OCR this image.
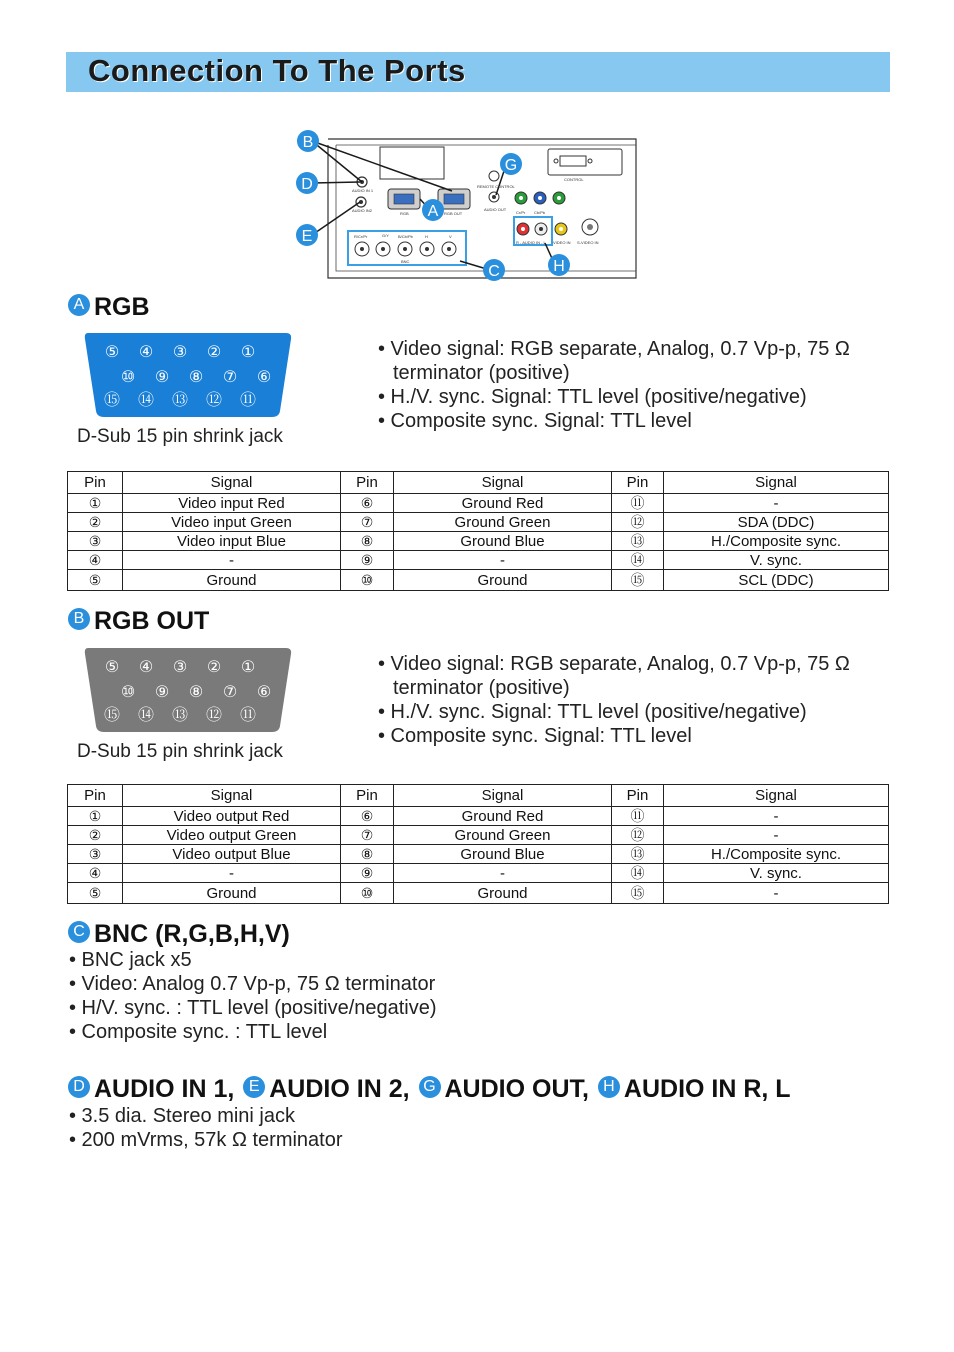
Connection To The Ports
AUDIO IN 1
AUDIO IN2
RGB	RGB OUT
REMOTE CONTROL
AUDIO OUT
CONTROL
Cb/Pb
Cr/Pr
R - AUDIO IN - L VIDEO IN S-VIDEO IN
R/Cr/Pr	G/Y B/Cb/Pb	H	V
BNC
B
D
E
G
A
C	H
A RGB
⑤ ④ ③ ② ①
⑩ ⑨ ⑧ ⑦ ⑥
⑮ ⑭ ⑬ ⑫ ⑪
D-Sub 15 pin shrink jack
• Video signal: RGB separate, Analog, 0.7 Vp-p, 75 Ω
terminator (positive)
• H./V. sync. Signal: TTL level (positive/negative)
• Composite sync. Signal: TTL level
Pin	Signal	Pin	Signal	Pin	Signal
①	Video input Red	⑥	Ground Red	⑪	-
②	Video input Green	⑦	Ground Green	⑫	SDA (DDC)
③	Video input Blue	⑧	Ground Blue	⑬	H./Composite sync.
④	-	⑨	-	⑭	V. sync.
⑤	Ground	⑩	Ground	⑮	SCL (DDC)
B RGB OUT
⑤ ④ ③ ② ①
⑩ ⑨ ⑧ ⑦ ⑥
⑮ ⑭ ⑬ ⑫ ⑪
D-Sub 15 pin shrink jack
• Video signal: RGB separate, Analog, 0.7 Vp-p, 75 Ω
terminator (positive)
• H./V. sync. Signal: TTL level (positive/negative)
• Composite sync. Signal: TTL level
Pin	Signal	Pin	Signal	Pin	Signal
①	Video output Red	⑥	Ground Red	⑪	-
②	Video output Green	⑦	Ground Green	⑫	-
③	Video output Blue	⑧	Ground Blue	⑬	H./Composite sync.
④	-	⑨	-	⑭	V. sync.
⑤	Ground	⑩	Ground	⑮	-
C BNC (R,G,B,H,V)
• BNC jack x5
• Video: Analog 0.7 Vp-p, 75 Ω terminator
• H/V. sync. : TTL level (positive/negative)
• Composite sync. : TTL level
D AUDIO IN 1, E AUDIO IN 2, G AUDIO OUT, H AUDIO IN R, L
• 3.5 dia. Stereo mini jack
• 200 mVrms, 57k Ω terminator
